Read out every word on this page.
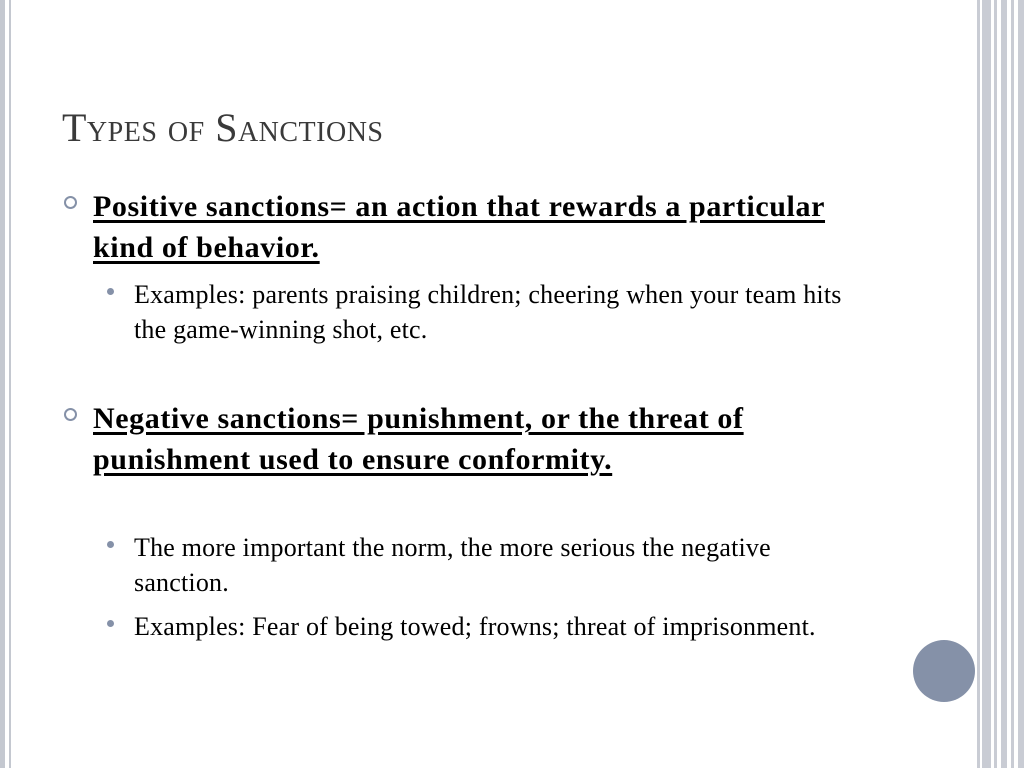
Types of Sanctions
Positive sanctions= an action that rewards a particular kind of behavior.
Examples: parents praising children; cheering when your team hits the game-winning shot, etc.
Negative sanctions= punishment, or the threat of punishment used to ensure conformity.
The more important the norm, the more serious the negative sanction.
Examples: Fear of being towed; frowns; threat of imprisonment.
